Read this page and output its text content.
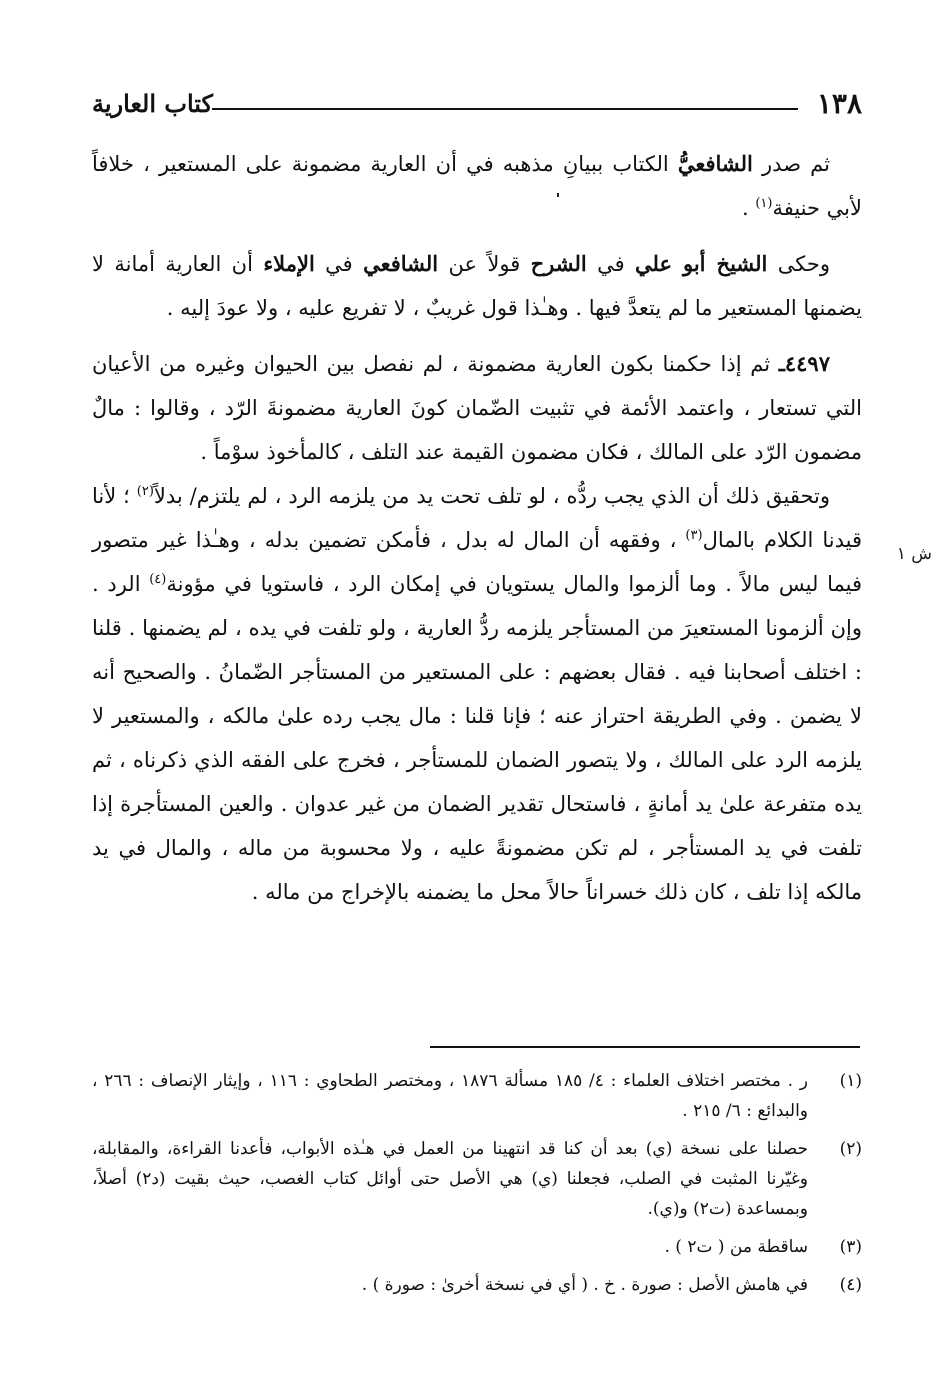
١٣٨
كتاب العارية
ش ١

ثم صدر الشافعيُّ الكتاب ببيانِ مذهبه في أن العارية مضمونة على المستعير ، خلافاً لأبي حنيفة$^{(١)}$ .

وحكى الشيخ أبو علي في الشرح قولاً عن الشافعي في الإملاء أن العارية أمانة لا يضمنها المستعير ما لم يتعدَّ فيها . وهـٰذا قول غريبٌ ، لا تفريع عليه ، ولا عودَ إليه .

٤٤٩٧ـ ثم إذا حكمنا بكون العارية مضمونة ، لم نفصل بين الحيوان وغيره من الأعيان التي تستعار ، واعتمد الأئمة في تثبيت الضّمان كونَ العارية مضمونةَ الرّد ، وقالوا : مالٌ مضمون الرّد على المالك ، فكان مضمون القيمة عند التلف ، كالمأخوذ سوْماً .

وتحقيق ذلك أن الذي يجب ردُّه ، لو تلف تحت يد من يلزمه الرد ، لم يلتزم/ بدلاً$^{(٢)}$ ؛ لأنا قيدنا الكلام بالمال$^{(٣)}$ ، وفقهه أن المال له بدل ، فأمكن تضمين بدله ، وهـٰذا غير متصور فيما ليس مالاً . وما ألزموا والمال يستويان في إمكان الرد ، فاستويا في مؤونة$^{(٤)}$ الرد . وإن ألزمونا المستعيرَ من المستأجر يلزمه ردُّ العارية ، ولو تلفت في يده ، لم يضمنها . قلنا : اختلف أصحابنا فيه . فقال بعضهم : على المستعير من المستأجر الضّمانُ . والصحيح أنه لا يضمن . وفي الطريقة احتراز عنه ؛ فإنا قلنا : مال يجب رده علىٰ مالكه ، والمستعير لا يلزمه الرد على المالك ، ولا يتصور الضمان للمستأجر ، فخرج على الفقه الذي ذكرناه ، ثم يده متفرعة علىٰ يد أمانةٍ ، فاستحال تقدير الضمان من غير عدوان . والعين المستأجرة إذا تلفت في يد المستأجر ، لم تكن مضمونةً عليه ، ولا محسوبة من ماله ، والمال في يد مالكه إذا تلف ، كان ذلك خسراناً حالاً محل ما يضمنه بالإخراج من ماله .

(١)
ر . مختصر اختلاف العلماء : ٤/ ١٨٥ مسألة ١٨٧٦ ، ومختصر الطحاوي : ١١٦ ، وإيثار الإنصاف : ٢٦٦ ، والبدائع : ٦/ ٢١٥ .
(٢)
حصلنا على نسخة (ي) بعد أن كنا قد انتهينا من العمل في هـٰذه الأبواب، فأعدنا القراءة، والمقابلة، وغيّرنا المثبت في الصلب، فجعلنا (ي) هي الأصل حتى أوائل كتاب الغصب، حيث بقيت (د٢) أصلاً، وبمساعدة (ت٢) و(ي).
(٣)
ساقطة من ( ت٢ ) .
(٤)
في هامش الأصل : صورة . خ . ( أي في نسخة أخرىٰ : صورة ) .
